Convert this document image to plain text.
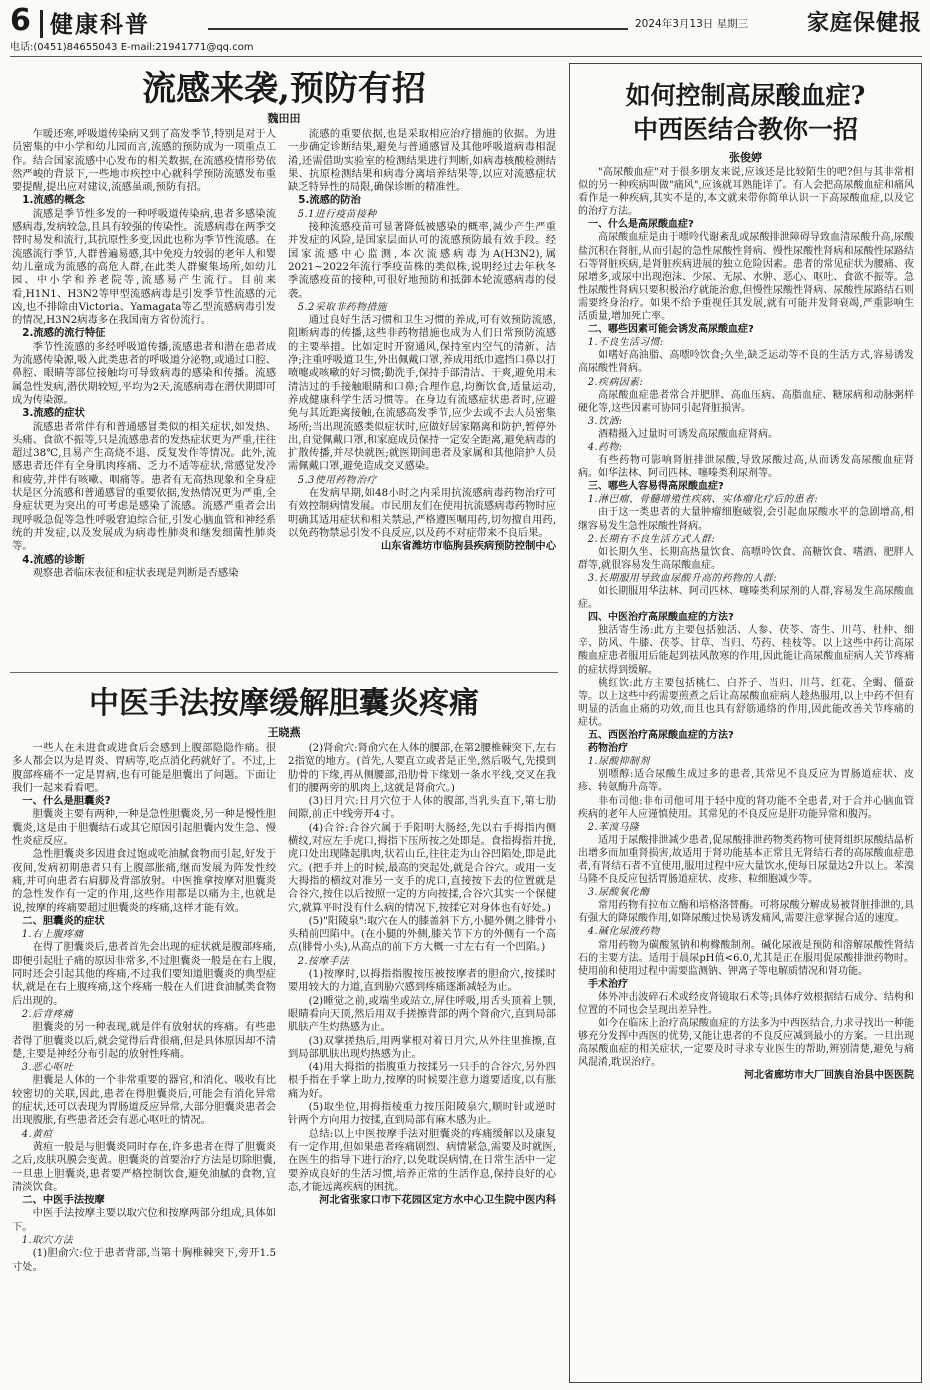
6 健康科普	2024年3月13日 星期三	家庭保健报
电话:(0451)84655043 E-mail:21941771@qq.com
流感来袭,预防有招
魏田田

乍暖还寒,呼吸道传染病又到了高发季节,特别是对于人员密集的中小学和幼儿园而言,流感的预防成为一项重点工作。结合国家流感中心发布的相关数据,在流感疫情形势依然严峻的背景下,一些地市疾控中心就科学预防流感发布重要提醒,提出应对建议,流感虽顽,预防有招。

1.流感的概念

流感是季节性多发的一种呼吸道传染病,患者多感染流感病毒,发病较急,且具有较强的传染性。流感病毒在两季交替时易发和流行,其抗原性多变,因此也称为季节性流感。在流感流行季节,人群普遍易感,其中免疫力较弱的老年人和婴幼儿童成为流感的高危人群,在此类人群聚集场所,如幼儿园、中小学和养老院等,流感易产生流行。目前来看,H1N1、H3N2等甲型流感病毒是引发季节性流感的元凶,也不排除由Victoria、Yamagata等乙型流感病毒引发的情况,H3N2病毒多在我国南方省份流行。

2.流感的流行特征

季节性流感的多经呼吸道传播,流感患者和潜在患者成为流感传染源,吸入此类患者的呼吸道分泌物,或通过口腔、鼻腔、眼睛等部位接触均可导致病毒的感染和传播。流感属急性发病,潜伏期较短,平均为2天,流感病毒在潜伏期即可成为传染源。

3.流感的症状

流感患者常伴有和普通感冒类似的相关症状,如发热、头痛、食欲不振等,只是流感患者的发热症状更为严重,往往超过38℃,且易产生高烧不退、反复发作等情况。此外,流感患者还伴有全身肌肉疼痛、乏力不适等症状,常感觉发冷和疲劳,并伴有咳嗽、咽痛等。患者有无高热现象和全身症状是区分流感和普通感冒的重要依据,发热情况更为严重,全身症状更为突出的可考虑是感染了流感。流感严重者会出现呼吸急促等急性呼吸窘迫综合征,引发心脑血管和神经系统的并发症,以及发展成为病毒性肺炎和继发细菌性肺炎等。

4.流感的诊断

观察患者临床表征和症状表现是判断是否感染

流感的重要依据,也是采取相应治疗措施的依据。为进一步确定诊断结果,避免与普通感冒及其他呼吸道病毒相混淆,还需借助实验室的检测结果进行判断,如病毒核酸检测结果、抗原检测结果和病毒分离培养结果等,以应对流感症状缺乏特异性的局限,确保诊断的精准性。

5.流感的防治

5.1进行疫苗接种

接种流感疫苗可显著降低被感染的概率,减少产生严重并发症的风险,是国家层面认可的流感预防最有效手段。经国家流感中心监测,本次流感病毒为A(H3N2),属2021~2022年流行季疫苗株的类似株,说明经过去年秋冬季流感疫苗的接种,可很好地预防和抵御本轮流感病毒的侵袭。

5.2采取非药物措施

通过良好生活习惯和卫生习惯的养成,可有效预防流感,阻断病毒的传播,这些非药物措施也成为人们日常预防流感的主要举措。比如定时开窗通风,保持室内空气的清新、洁净;注重呼吸道卫生,外出佩戴口罩,养成用纸巾遮挡口鼻以打喷嚏或咳嗽的好习惯;勤洗手,保持手部清洁、干爽,避免用未清洁过的手接触眼睛和口鼻;合理作息,均衡饮食,适量运动,养成健康科学生活习惯等。在身边有流感症状患者时,应避免与其近距离接触,在流感高发季节,应少去或不去人员密集场所;当出现流感类似症状时,应做好居家隔离和防护,暂停外出,自觉佩戴口罩,和家庭成员保持一定安全距离,避免病毒的扩散传播,并尽快就医;就医期间患者及家属和其他陪护人员需佩戴口罩,避免造成交叉感染。

5.3使用药物治疗

在发病早期,如48小时之内采用抗流感病毒药物治疗可有效控制病情发展。市民朋友们在使用抗流感病毒药物时应明确其适用症状和相关禁忌,严格遵医嘱用药,切勿擅自用药,以免药物禁忌引发不良反应,以及药不对症带来不良后果。

山东省潍坊市临朐县疾病预防控制中心

中医手法按摩缓解胆囊炎疼痛
王晓燕

一些人在未进食或进食后会感到上腹部隐隐作痛。很多人都会以为是胃炎、胃病等,吃点消化药就好了。不过,上腹部疼痛不一定是胃病,也有可能是胆囊出了问题。下面让我们一起来看看吧。

一、什么是胆囊炎?

胆囊炎主要有两种,一种是急性胆囊炎,另一种是慢性胆囊炎,这是由于胆囊结石或其它原因引起胆囊内发生急、慢性炎症反应。

急性胆囊炎多因进食过饱或吃油腻食物而引起,好发于夜间,发病初期患者只有上腹部胀痛,继而发展为阵发性绞痛,并可向患者右肩脚及背部放射。中医推拿按摩对胆囊炎的急性发作有一定的作用,这些作用都是以痛为主,也就是说,按摩的疼痛要超过胆囊炎的疼痛,这样才能有效。

二、胆囊炎的症状

1.右上腹疼痛

在得了胆囊炎后,患者首先会出现的症状就是腹部疼痛,即便引起肚子痛的原因非常多,不过胆囊炎一般是在右上腹,同时还会引起其他的疼痛,不过我们要知道胆囊炎的典型症状,就是在右上腹疼痛,这个疼痛一般在人们进食油腻类食物后出现的。

2.后背疼痛

胆囊炎的另一种表现,就是伴有放射状的疼痛。有些患者得了胆囊炎以后,就会觉得后背很痛,但是具体原因却不清楚,主要是神经分布引起的放射性疼痛。

3.恶心呕吐

胆囊是人体的一个非常重要的器官,和消化、吸收有比较密切的关联,因此,患者在得胆囊炎后,可能会有消化异常的症状,还可以表现为胃肠道反应异常,大部分胆囊炎患者会出现腹胀,有些患者还会有恶心呕吐的情况。

4.黄疸

黄疸一般是与胆囊炎同时存在,许多患者在得了胆囊炎之后,皮肤巩膜会变黄。胆囊炎的首要治疗方法是切除胆囊,一旦患上胆囊炎,患者要严格控制饮食,避免油腻的食物,宜清淡饮食。

二、中医手法按摩

中医手法按摩主要以取穴位和按摩两部分组成,具体如下。

1.取穴方法

(1)胆俞穴:位于患者背部,当第十胸椎棘突下,旁开1.5寸处。

(2)肾俞穴:肾俞穴在人体的腰部,在第2腰椎棘突下,左右2指宽的地方。(首先,人要直立或者是正坐,然后吸气,先摸到肋骨的下缘,再从侧腰部,沿肋骨下缘划一条水平线,交叉在我们的腰两旁的肌肉上,这就是肾俞穴。)

(3)日月穴:日月穴位于人体的腹部,当乳头直下,第七肋间隙,前正中线旁开4寸。

(4)合谷:合谷穴属于手阳明大肠经,先以右手拇指内侧横纹,对应左手虎口,拇指下压所按之处即是。食指拇指并拢,虎口处出现隆起肌肉,状若山丘,往往走为山谷凹陷处,即是此穴。(把手并上的时候,最高的突起处,就是合谷穴。或用一支大拇指的横纹对准另一支手的虎口,直接按下去的位置就是合谷穴,按住以后按照一定的方向按揉,合谷穴其实一个保健穴,就算平时没有什么病的情况下,按揉它对身体也有好处。)

(5)"阳陵泉":取穴在人的膝盖斜下方,小腿外侧之腓骨小头稍前凹陷中。(在小腿的外侧,膝关节下方的外侧有一个高点(腓骨小头),从高点的前下方大概一寸左右有一个凹陷。)

2.按摩手法

(1)按摩时,以拇指指腹按压被按摩者的胆俞穴,按揉时要用较大的力道,直到胁穴感到疼痛逐渐减轻为止。

(2)睡觉之前,或端坐或站立,屏住呼吸,用舌头顶着上颚,眼睛看向天顶,然后用双手搓擦背部的两个肾俞穴,直到局部肌肤产生灼热感为止。

(3)双掌搓热后,用两掌根对着日月穴,从外往里推擦,直到局部肌肤出现灼热感为止。

(4)用大拇指的指腹重力按揉另一只手的合谷穴,另外四根手指在手掌上助力,按摩的时候要注意力道要适度,以有胀痛为好。

(5)取坐位,用拇指棱重力按压阳陵泉穴,顺时针或逆时针两个方向用力按揉,直到局部有麻木感为止。

总结:以上中医按摩手法对胆囊炎的疼痛缓解以及康复有一定作用,但如果患者疼痛剧烈、病情紧急,需要及时就医,在医生的指导下进行治疗,以免耽误病情,在日常生活中一定要养成良好的生活习惯,培养正常的生活作息,保持良好的心态,才能远离疾病的困扰。

河北省张家口市下花园区定方水中心卫生院中医内科

如何控制高尿酸血症?
中西医结合教你一招
张俊婷

"高尿酸血症"对于很多朋友来说,应该还是比较陌生的吧?但与其非常相似的另一种疾病叫做"痛风",应该就耳熟能详了。有人会把高尿酸血症和痛风看作是一种疾病,其实不是的,本文就来带你简单认识一下高尿酸血症,以及它的治疗方法。

一、什么是高尿酸血症?

高尿酸血症是由于嘌呤代谢紊乱或尿酸排泄障碍导致血清尿酸升高,尿酸盐沉积在肾脏,从而引起的急性尿酸性肾病、慢性尿酸性肾病和尿酸性尿路结石等肾脏疾病,是肾脏疾病进展的独立危险因素。患者的常见症状为腰痛、夜尿增多,或尿中出现泡沫、少尿、无尿、水肿、恶心、呕吐、食欲不振等。急性尿酸性肾病只要积极治疗就能治愈,但慢性尿酸性肾病、尿酸性尿路结石则需要终身治疗。如果不给予重视任其发展,就有可能并发肾衰竭,严重影响生活质量,增加死亡率。

二、哪些因素可能会诱发高尿酸血症?

1.不良生活习惯:

如嗜好高油脂、高嘌呤饮食;久坐,缺乏运动等不良的生活方式,容易诱发高尿酸性肾病。

2.疾病因素:

高尿酸血症患者常合并肥胖、高血压病、高脂血症、糖尿病和动脉粥样硬化等,这些因素可协同引起肾脏损害。

3.饮酒:

酒精摄入过量时可诱发高尿酸血症肾病。

4.药物:

有些药物可影响肾脏排泄尿酸,导致尿酸过高,从而诱发高尿酸血症肾病。如华法林、阿司匹林、噻嗪类利尿剂等。

三、哪些人容易得高尿酸血症?

1.淋巴瘤、骨髓增殖性疾病、实体瘤化疗后的患者:

由于这一类患者的大量肿瘤细胞破裂,会引起血尿酸水平的急剧增高,相继容易发生急性尿酸性肾病。

2.长期有不良生活方式人群:

如长期久坐、长期高热量饮食、高嘌呤饮食、高糖饮食、嗜酒、肥胖人群等,就很容易发生高尿酸血症。

3.长期服用导致血尿酸升高的药物的人群:

如长期服用华法林、阿司匹林、噻嗪类利尿剂的人群,容易发生高尿酸血症。

四、中医治疗高尿酸血症的方法?

独活寄生汤:此方主要包括独活、人参、茯苓、寄生、川芎、杜仲、细辛、防风、牛膝、茯苓、甘草、当归、芍药、桂枝等。以上这些中药让高尿酸血症患者服用后能起到祛风散寒的作用,因此能让高尿酸血症病人关节疼痛的症状得到缓解。

桃红饮:此方主要包括桃仁、白芥子、当归、川芎、红花、全蝎、僵蚕等。以上这些中药需要煎煮之后让高尿酸血症病人趁热服用,以上中药不但有明显的活血止痛的功效,而且也具有舒筋通络的作用,因此能改善关节疼痛的症状。

五、西医治疗高尿酸血症的方法?

药物治疗

1.尿酸抑制剂

别嘌醇:适合尿酸生成过多的患者,其常见不良反应为胃肠道症状、皮疹、转氨酶升高等。

非布司他:非布司他可用于轻中度的肾功能不全患者,对于合并心脑血管疾病的老年人应谨慎使用。其常见的不良反应是肝功能异常和腹泻。

2.苯溴马隆

适用于尿酸排泄减少患者,促尿酸排泄药物类药物可使肾组织尿酸结晶析出增多而加重肾损害,故适用于肾功能基本正常且无肾结石者的高尿酸血症患者,有肾结石者不宜使用,服用过程中应大量饮水,使每日尿量达2升以上。苯溴马隆不良反应包括胃肠道症状、皮疹、粒细胞减少等。

3.尿酸氧化酶

常用药物有拉布立酶和培格洛替酶。可将尿酸分解成易被肾脏排泄的,具有强大的降尿酸作用,如降尿酸过快易诱发痛风,需要注意掌握合适的速度。

4.碱化尿液药物

常用药物为碳酸氢钠和枸橼酸制剂。碱化尿液是预防和溶解尿酸性肾结石的主要方法。适用于晨尿pH值<6.0,尤其是正在服用促尿酸排泄药物时。使用前和使用过程中需要监测钠、钾离子等电解质情况和肾功能。

手术治疗

体外冲击波碎石术或经皮肾镜取石术等;具体疗效根据结石成分、结构和位置的不同也会呈现出差异性。

如今在临床上治疗高尿酸血症的方法多为中西医结合,力求寻找出一种能够充分发挥中西医的优势,又能让患者的不良反应减到最小的方案。一旦出现高尿酸血症的相关症状,一定要及时寻求专业医生的帮助,辨别清楚,避免与痛风混淆,耽误治疗。

河北省廊坊市大厂回族自治县中医医院
